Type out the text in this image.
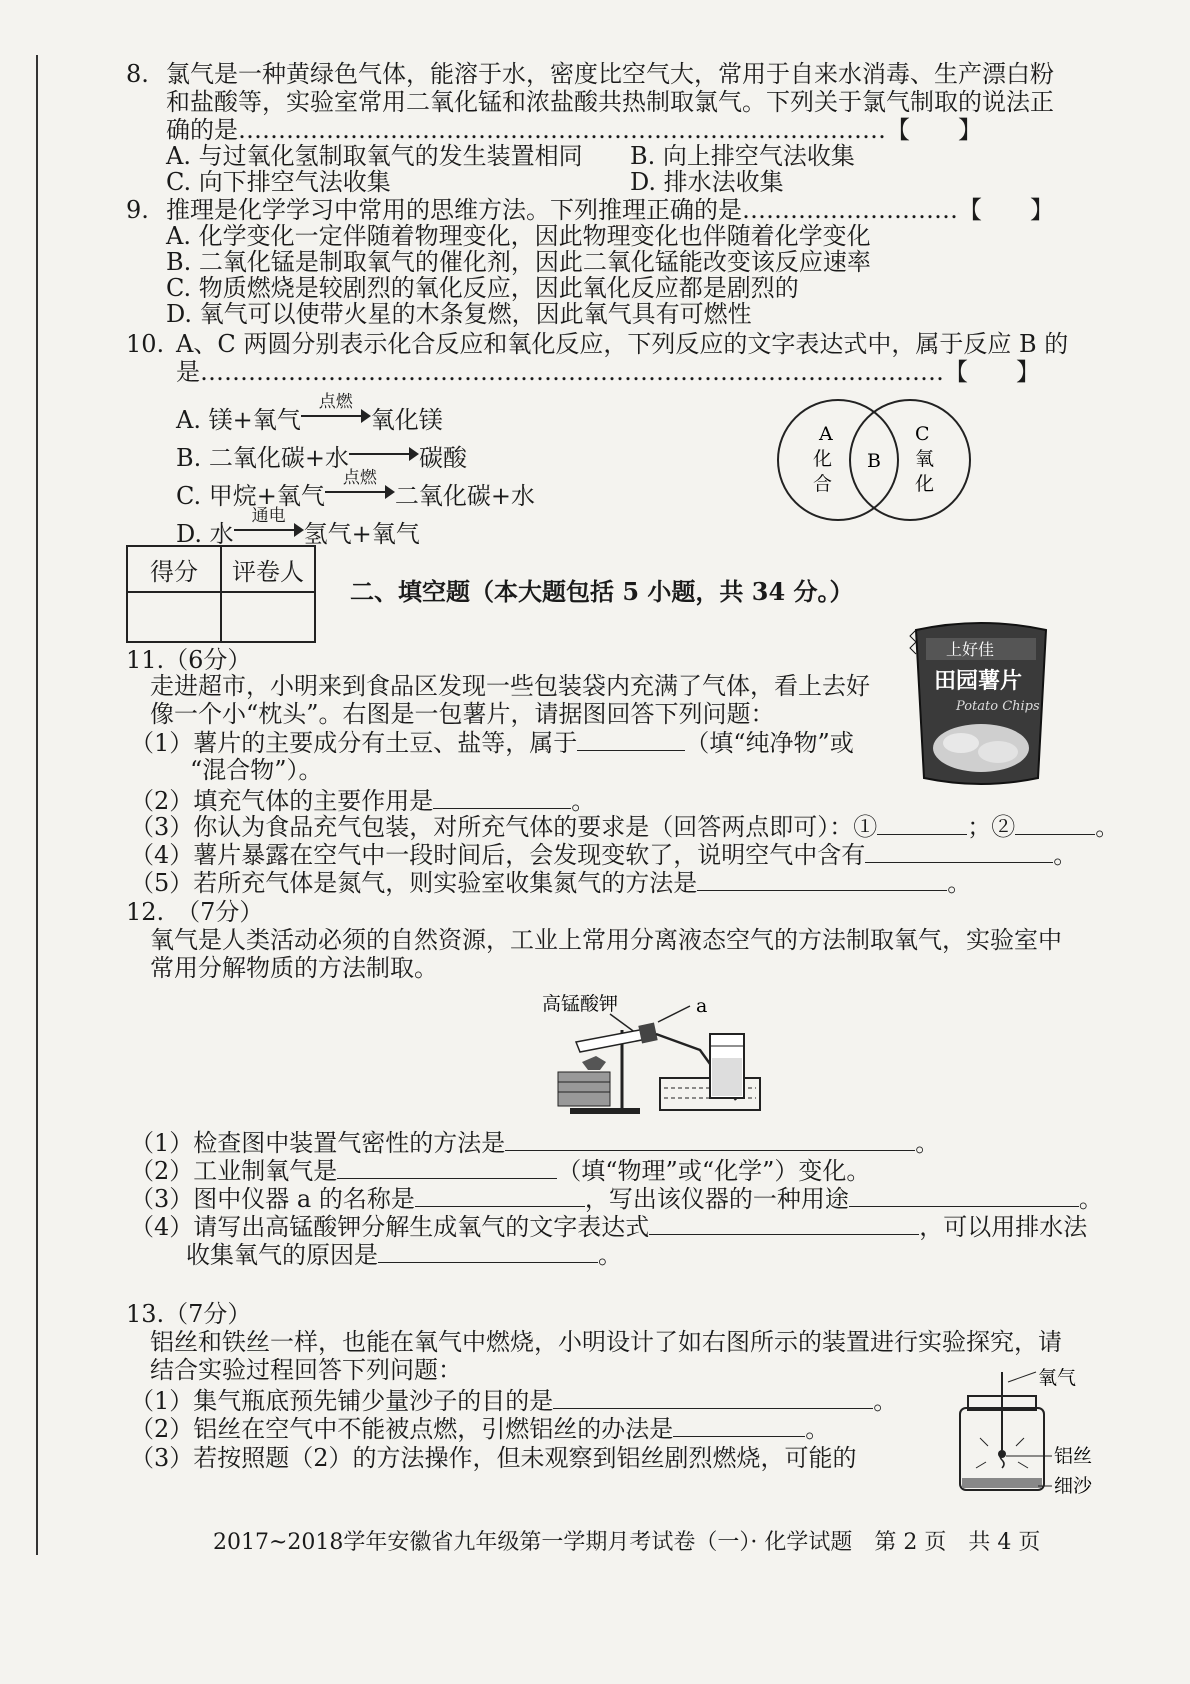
8. 氯气是一种黄绿色气体，能溶于水，密度比空气大，常用于自来水消毒、生产漂白粉
和盐酸等，实验室常用二氧化锰和浓盐酸共热制取氯气。下列关于氯气制取的说法正
确的是………………………………………………………………………【　　】
A. 与过氧化氢制取氧气的发生装置相同 B. 向上排空气法收集
C. 向下排空气法收集	D. 排水法收集
9. 推理是化学学习中常用的思维方法。下列推理正确的是………………………【　　】
A. 化学变化一定伴随着物理变化，因此物理变化也伴随着化学变化
B. 二氧化锰是制取氧气的催化剂，因此二氧化锰能改变该反应速率
C. 物质燃烧是较剧烈的氧化反应，因此氧化反应都是剧烈的
D. 氧气可以使带火星的木条复燃，因此氧气具有可燃性
10. A、C 两圆分别表示化合反应和氧化反应，下列反应的文字表达式中，属于反应 B 的
是…………………………………………………………………………………【　　】
A. 镁+氧气
点燃
氧化镁
B. 二氧化碳+水	碳酸
C. 甲烷+氧气
点燃
二氧化碳+水
D. 水
通电
氢气+氧气
A
化
合
B
C
氧
化
得分	评卷人

二、填空题（本大题包括 5 小题，共 34 分。）
11.（6分）
走进超市，小明来到食品区发现一些包装袋内充满了气体，看上去好
像一个小“枕头”。右图是一包薯片，请据图回答下列问题：
（1）薯片的主要成分有土豆、盐等，属于	（填“纯净物”或
“混合物”）。
（2）填充气体的主要作用是	。
（3）你认为食品充气包装，对所充气体的要求是（回答两点即可）：①	；②	。
（4）薯片暴露在空气中一段时间后，会发现变软了，说明空气中含有	。
（5）若所充气体是氮气，则实验室收集氮气的方法是	。
上好佳
田园薯片
Potato Chips
12.　（7分）
氧气是人类活动必须的自然资源，工业上常用分离液态空气的方法制取氧气，实验室中
常用分解物质的方法制取。
高锰酸钾	a
（1）检查图中装置气密性的方法是	。
（2）工业制氧气是	（填“物理”或“化学”）变化。
（3）图中仪器 a 的名称是	，写出该仪器的一种用途	。
（4）请写出高锰酸钾分解生成氧气的文字表达式	，可以用排水法
收集氧气的原因是	。
13.（7分）
铝丝和铁丝一样，也能在氧气中燃烧，小明设计了如右图所示的装置进行实验探究，请
结合实验过程回答下列问题：
（1）集气瓶底预先铺少量沙子的目的是	。
（2）铝丝在空气中不能被点燃，引燃铝丝的办法是	。
（3）若按照题（2）的方法操作，但未观察到铝丝剧烈燃烧，可能的
氧气
铝丝
细沙
2017~2018学年安徽省九年级第一学期月考试卷（一）· 化学试题　第 2 页　共 4 页
